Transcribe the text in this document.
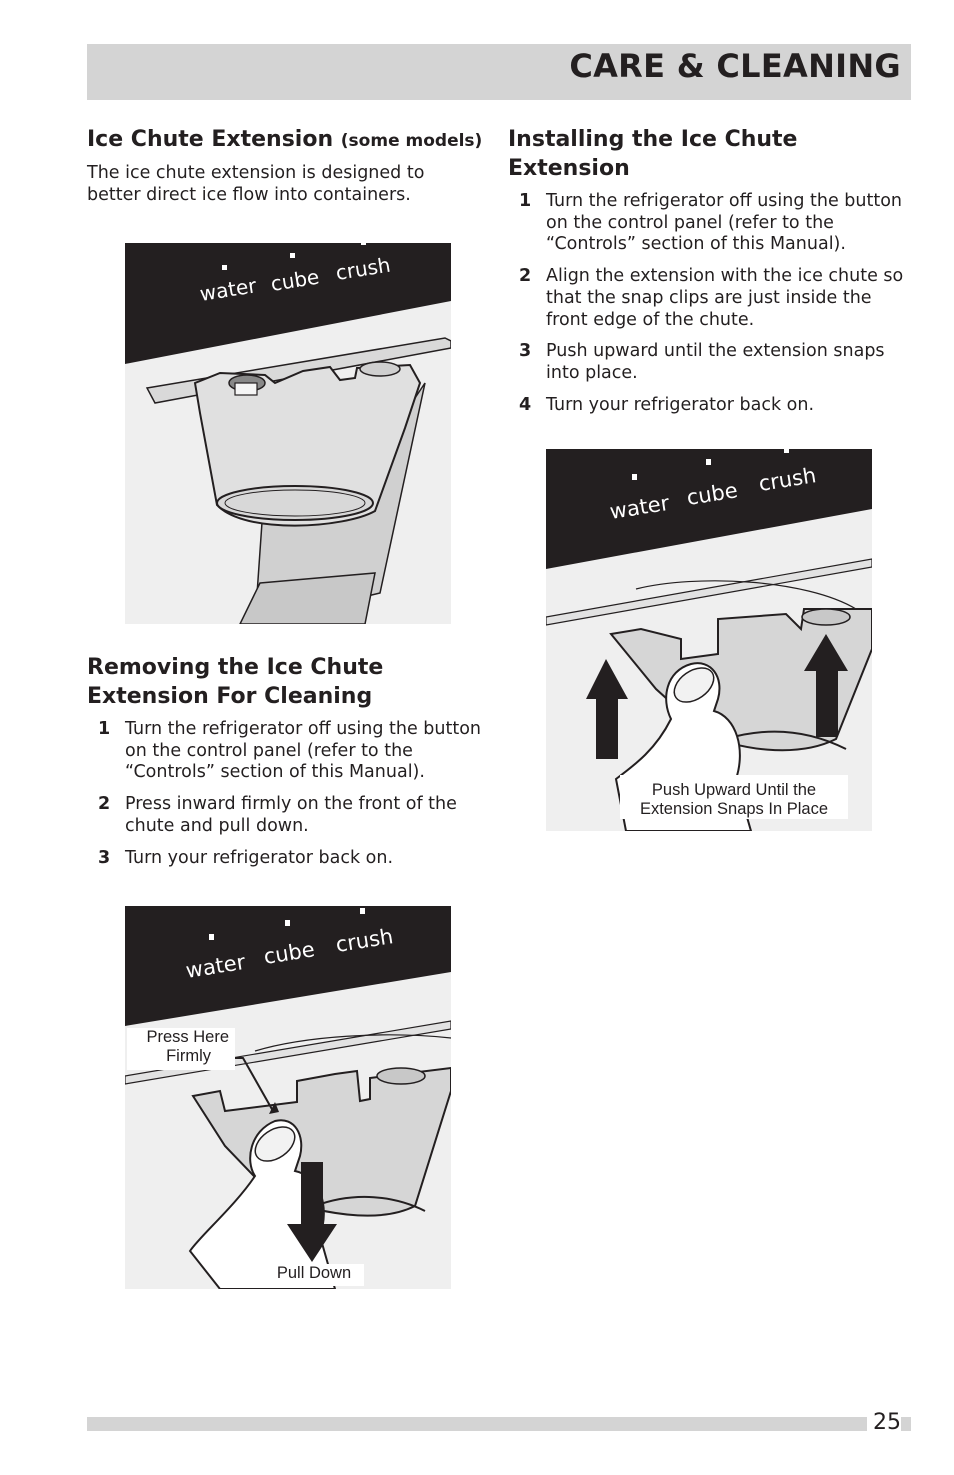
CARE & CLEANING
Ice Chute Extension (some models)

The ice chute extension is designed to better direct ice flow into containers.

water cube crush
Removing the Ice Chute
Extension For Cleaning
1 Turn the refrigerator off using the button on the control panel (refer to the “Controls” section of this Manual).
2 Press inward firmly on the front of the chute and pull down.
3 Turn your refrigerator back on.
water cube crush
Press Here
Firmly
Pull Down
Installing the Ice Chute
Extension
1 Turn the refrigerator off using the button on the control panel (refer to the “Controls” section of this Manual).
2 Align the extension with the ice chute so that the snap clips are just inside the front edge of the chute.
3 Push upward until the extension snaps into place.
4 Turn your refrigerator back on.
water cube crush
Push Upward Until the
Extension Snaps In Place
25
